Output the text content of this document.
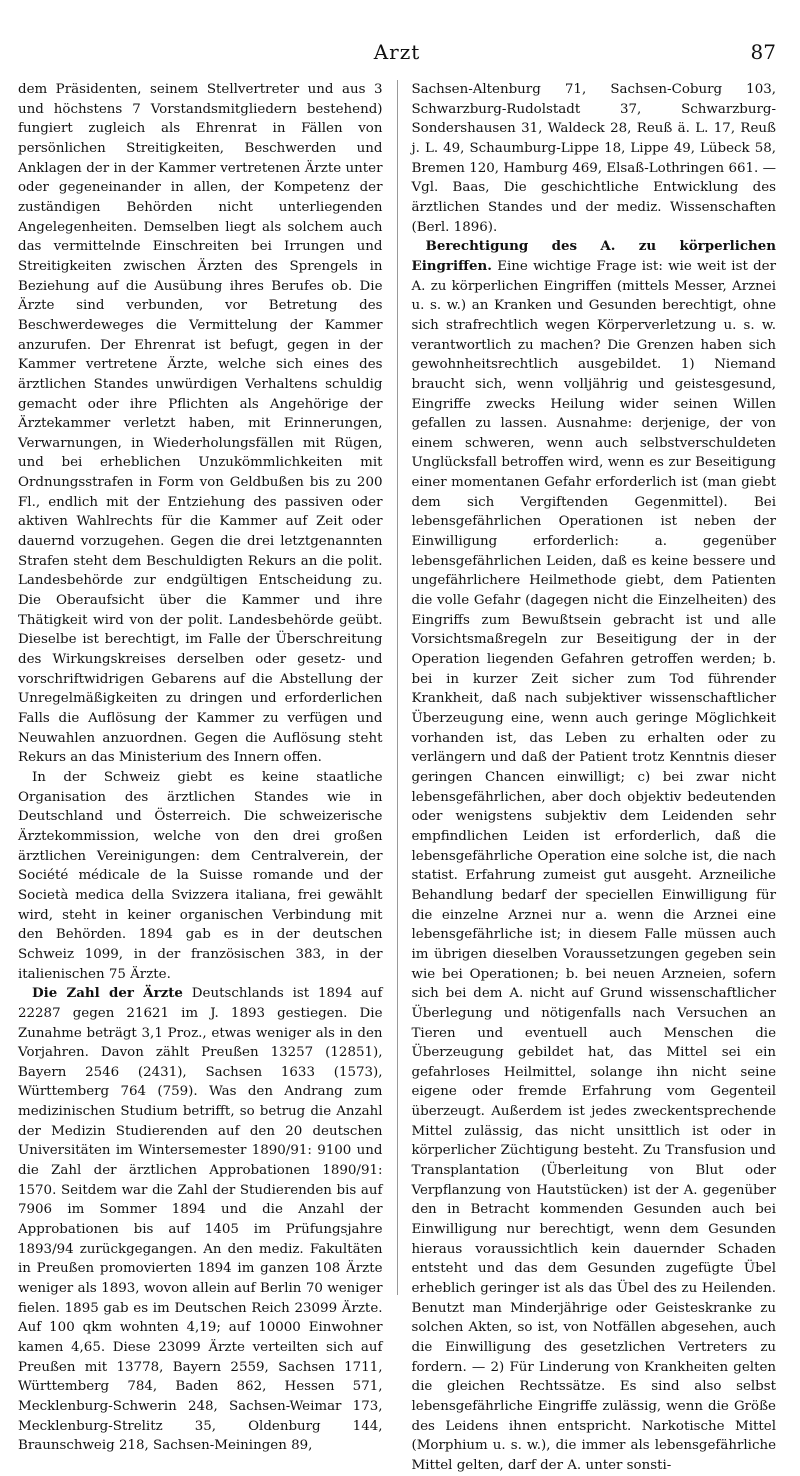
Arzt	87

dem Präsidenten, seinem Stellvertreter und aus 3 und höchstens 7 Vorstandsmitgliedern bestehend) fungiert zugleich als Ehrenrat in Fällen von persönlichen Streitigkeiten, Beschwerden und Anklagen der in der Kammer vertretenen Ärzte unter oder gegeneinander in allen, der Kompetenz der zuständigen Behörden nicht unterliegenden Angelegenheiten. Demselben liegt als solchem auch das vermittelnde Einschreiten bei Irrungen und Streitigkeiten zwischen Ärzten des Sprengels in Beziehung auf die Ausübung ihres Berufes ob. Die Ärzte sind verbunden, vor Betretung des Beschwerdeweges die Vermittelung der Kammer anzurufen. Der Ehrenrat ist befugt, gegen in der Kammer vertretene Ärzte, welche sich eines des ärztlichen Standes unwürdigen Verhaltens schuldig gemacht oder ihre Pflichten als Angehörige der Ärztekammer verletzt haben, mit Erinnerungen, Verwarnungen, in Wiederholungsfällen mit Rügen, und bei erheblichen Unzukömmlichkeiten mit Ordnungsstrafen in Form von Geldbußen bis zu 200 Fl., endlich mit der Entziehung des passiven oder aktiven Wahlrechts für die Kammer auf Zeit oder dauernd vorzugehen. Gegen die drei letztgenannten Strafen steht dem Beschuldigten Rekurs an die polit. Landesbehörde zur endgültigen Entscheidung zu. Die Oberaufsicht über die Kammer und ihre Thätigkeit wird von der polit. Landesbehörde geübt. Dieselbe ist berechtigt, im Falle der Überschreitung des Wirkungskreises derselben oder gesetz- und vorschriftwidrigen Gebarens auf die Abstellung der Unregelmäßigkeiten zu dringen und erforderlichen Falls die Auflösung der Kammer zu verfügen und Neuwahlen anzuordnen. Gegen die Auflösung steht Rekurs an das Ministerium des Innern offen.

In der Schweiz giebt es keine staatliche Organisation des ärztlichen Standes wie in Deutschland und Österreich. Die schweizerische Ärztekommission, welche von den drei großen ärztlichen Vereinigungen: dem Centralverein, der Société médicale de la Suisse romande und der Società medica della Svizzera italiana, frei gewählt wird, steht in keiner organischen Verbindung mit den Behörden. 1894 gab es in der deutschen Schweiz 1099, in der französischen 383, in der italienischen 75 Ärzte.

Die Zahl der Ärzte Deutschlands ist 1894 auf 22287 gegen 21621 im J. 1893 gestiegen. Die Zunahme beträgt 3,1 Proz., etwas weniger als in den Vorjahren. Davon zählt Preußen 13257 (12851), Bayern 2546 (2431), Sachsen 1633 (1573), Württemberg 764 (759). Was den Andrang zum medizinischen Studium betrifft, so betrug die Anzahl der Medizin Studierenden auf den 20 deutschen Universitäten im Wintersemester 1890/91: 9100 und die Zahl der ärztlichen Approbationen 1890/91: 1570. Seitdem war die Zahl der Studierenden bis auf 7906 im Sommer 1894 und die Anzahl der Approbationen bis auf 1405 im Prüfungsjahre 1893/94 zurückgegangen. An den mediz. Fakultäten in Preußen promovierten 1894 im ganzen 108 Ärzte weniger als 1893, wovon allein auf Berlin 70 weniger fielen. 1895 gab es im Deutschen Reich 23099 Ärzte. Auf 100 qkm wohnten 4,19; auf 10000 Einwohner kamen 4,65. Diese 23099 Ärzte verteilten sich auf Preußen mit 13778, Bayern 2559, Sachsen 1711, Württemberg 784, Baden 862, Hessen 571, Mecklenburg-Schwerin 248, Sachsen-Weimar 173, Mecklenburg-Strelitz 35, Oldenburg 144, Braunschweig 218, Sachsen-Meiningen 89,

Sachsen-Altenburg 71, Sachsen-Coburg 103, Schwarzburg-Rudolstadt 37, Schwarzburg-Sondershausen 31, Waldeck 28, Reuß ä. L. 17, Reuß j. L. 49, Schaumburg-Lippe 18, Lippe 49, Lübeck 58, Bremen 120, Hamburg 469, Elsaß-Lothringen 661. — Vgl. Baas, Die geschichtliche Entwicklung des ärztlichen Standes und der mediz. Wissenschaften (Berl. 1896).

Berechtigung des A. zu körperlichen Eingriffen. Eine wichtige Frage ist: wie weit ist der A. zu körperlichen Eingriffen (mittels Messer, Arznei u. s. w.) an Kranken und Gesunden berechtigt, ohne sich strafrechtlich wegen Körperverletzung u. s. w. verantwortlich zu machen? Die Grenzen haben sich gewohnheitsrechtlich ausgebildet. 1) Niemand braucht sich, wenn volljährig und geistesgesund, Eingriffe zwecks Heilung wider seinen Willen gefallen zu lassen. Ausnahme: derjenige, der von einem schweren, wenn auch selbstverschuldeten Unglücksfall betroffen wird, wenn es zur Beseitigung einer momentanen Gefahr erforderlich ist (man giebt dem sich Vergiftenden Gegenmittel). Bei lebensgefährlichen Operationen ist neben der Einwilligung erforderlich: a. gegenüber lebensgefährlichen Leiden, daß es keine bessere und ungefährlichere Heilmethode giebt, dem Patienten die volle Gefahr (dagegen nicht die Einzelheiten) des Eingriffs zum Bewußtsein gebracht ist und alle Vorsichtsmaßregeln zur Beseitigung der in der Operation liegenden Gefahren getroffen werden; b. bei in kurzer Zeit sicher zum Tod führender Krankheit, daß nach subjektiver wissenschaftlicher Überzeugung eine, wenn auch geringe Möglichkeit vorhanden ist, das Leben zu erhalten oder zu verlängern und daß der Patient trotz Kenntnis dieser geringen Chancen einwilligt; c) bei zwar nicht lebensgefährlichen, aber doch objektiv bedeutenden oder wenigstens subjektiv dem Leidenden sehr empfindlichen Leiden ist erforderlich, daß die lebensgefährliche Operation eine solche ist, die nach statist. Erfahrung zumeist gut ausgeht. Arzneiliche Behandlung bedarf der speciellen Einwilligung für die einzelne Arznei nur a. wenn die Arznei eine lebensgefährliche ist; in diesem Falle müssen auch im übrigen dieselben Voraussetzungen gegeben sein wie bei Operationen; b. bei neuen Arzneien, sofern sich bei dem A. nicht auf Grund wissenschaftlicher Überlegung und nötigenfalls nach Versuchen an Tieren und eventuell auch Menschen die Überzeugung gebildet hat, das Mittel sei ein gefahrloses Heilmittel, solange ihn nicht seine eigene oder fremde Erfahrung vom Gegenteil überzeugt. Außerdem ist jedes zweckentsprechende Mittel zulässig, das nicht unsittlich ist oder in körperlicher Züchtigung besteht. Zu Transfusion und Transplantation (Überleitung von Blut oder Verpflanzung von Hautstücken) ist der A. gegenüber den in Betracht kommenden Gesunden auch bei Einwilligung nur berechtigt, wenn dem Gesunden hieraus voraussichtlich kein dauernder Schaden entsteht und das dem Gesunden zugefügte Übel erheblich geringer ist als das Übel des zu Heilenden. Benutzt man Minderjährige oder Geisteskranke zu solchen Akten, so ist, von Notfällen abgesehen, auch die Einwilligung des gesetzlichen Vertreters zu fordern. — 2) Für Linderung von Krankheiten gelten die gleichen Rechtssätze. Es sind also selbst lebensgefährliche Eingriffe zulässig, wenn die Größe des Leidens ihnen entspricht. Narkotische Mittel (Morphium u. s. w.), die immer als lebensgefährliche Mittel gelten, darf der A. unter sonsti-
